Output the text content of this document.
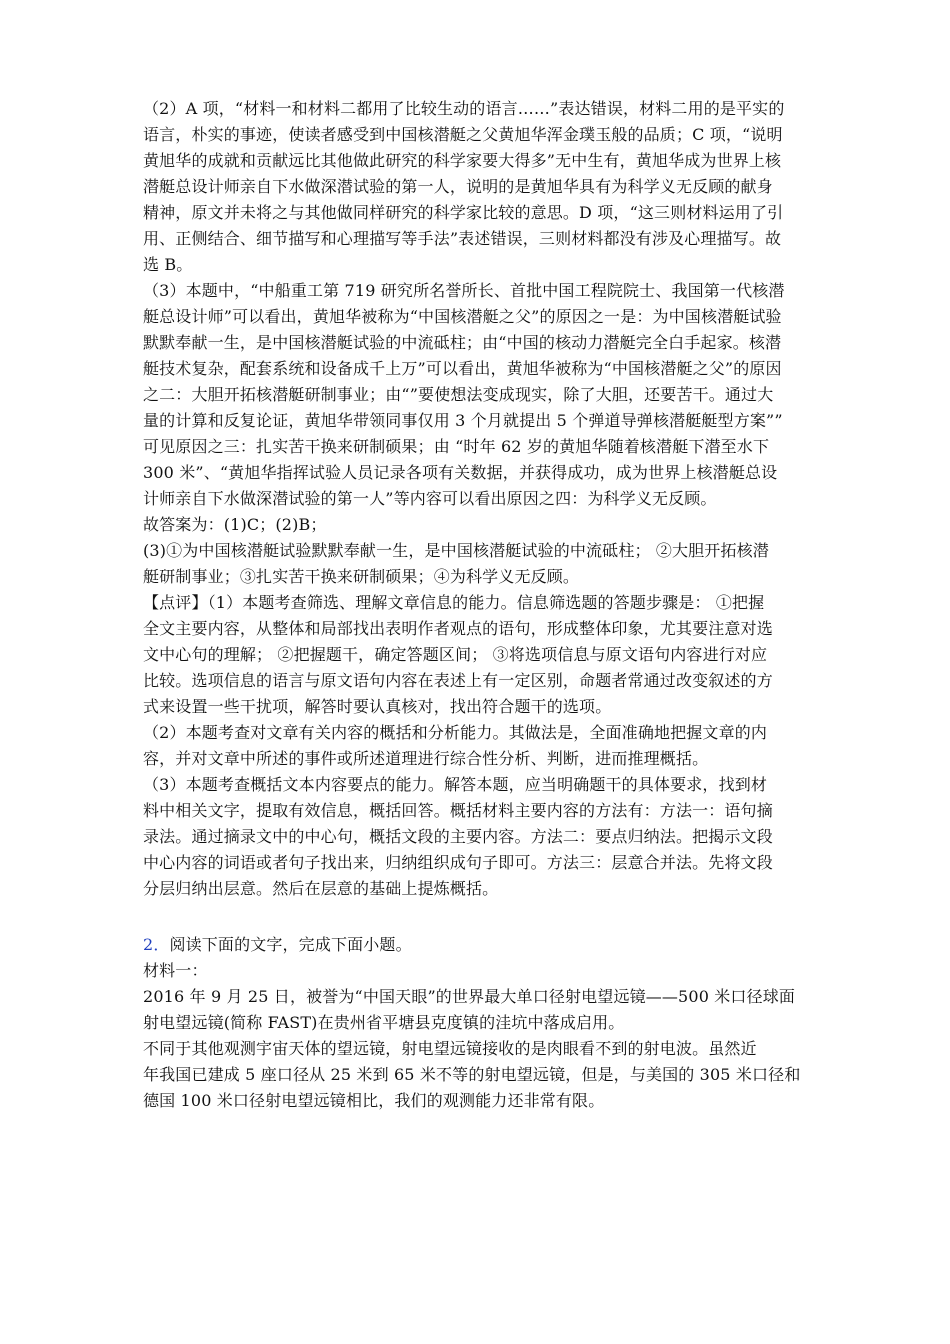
（2）A 项，“材料一和材料二都用了比较生动的语言……”表达错误，材料二用的是平实的
语言，朴实的事迹，使读者感受到中国核潜艇之父黄旭华浑金璞玉般的品质；C 项，“说明
黄旭华的成就和贡献远比其他做此研究的科学家要大得多”无中生有，黄旭华成为世界上核
潜艇总设计师亲自下水做深潜试验的第一人，说明的是黄旭华具有为科学义无反顾的献身
精神，原文并未将之与其他做同样研究的科学家比较的意思。D 项，“这三则材料运用了引
用、正侧结合、细节描写和心理描写等手法”表述错误，三则材料都没有涉及心理描写。故
选 B。
（3）本题中，“中船重工第 719 研究所名誉所长、首批中国工程院院士、我国第一代核潜
艇总设计师”可以看出，黄旭华被称为“中国核潜艇之父”的原因之一是：为中国核潜艇试验
默默奉献一生，是中国核潜艇试验的中流砥柱；由“中国的核动力潜艇完全白手起家。核潜
艇技术复杂，配套系统和设备成千上万”可以看出，黄旭华被称为“中国核潜艇之父”的原因
之二：大胆开拓核潜艇研制事业；由“”要使想法变成现实，除了大胆，还要苦干。通过大
量的计算和反复论证，黄旭华带领同事仅用 3 个月就提出 5 个弹道导弹核潜艇艇型方案””
可见原因之三：扎实苦干换来研制硕果；由 “时年 62 岁的黄旭华随着核潜艇下潜至水下
300 米”、“黄旭华指挥试验人员记录各项有关数据，并获得成功，成为世界上核潜艇总设
计师亲自下水做深潜试验的第一人”等内容可以看出原因之四：为科学义无反顾。
故答案为：(1)C；(2)B；
(3)①为中国核潜艇试验默默奉献一生，是中国核潜艇试验的中流砥柱； ②大胆开拓核潜
艇研制事业；③扎实苦干换来研制硕果；④为科学义无反顾。
【点评】（1）本题考查筛选、理解文章信息的能力。信息筛选题的答题步骤是： ①把握
全文主要内容，从整体和局部找出表明作者观点的语句，形成整体印象，尤其要注意对选
文中心句的理解； ②把握题干，确定答题区间； ③将选项信息与原文语句内容进行对应
比较。选项信息的语言与原文语句内容在表述上有一定区别，命题者常通过改变叙述的方
式来设置一些干扰项，解答时要认真核对，找出符合题干的选项。
（2）本题考查对文章有关内容的概括和分析能力。其做法是，全面准确地把握文章的内
容，并对文章中所述的事件或所述道理进行综合性分析、判断，进而推理概括。
（3）本题考查概括文本内容要点的能力。解答本题，应当明确题干的具体要求，找到材
料中相关文字，提取有效信息，概括回答。概括材料主要内容的方法有：方法一：语句摘
录法。通过摘录文中的中心句，概括文段的主要内容。方法二：要点归纳法。把揭示文段
中心内容的词语或者句子找出来，归纳组织成句子即可。方法三：层意合并法。先将文段
分层归纳出层意。然后在层意的基础上提炼概括。
2．阅读下面的文字，完成下面小题。
材料一：
2016 年 9 月 25 日，被誉为“中国天眼”的世界最大单口径射电望远镜——500 米口径球面
射电望远镜(简称 FAST)在贵州省平塘县克度镇的洼坑中落成启用。
不同于其他观测宇宙天体的望远镜，射电望远镜接收的是肉眼看不到的射电波。虽然近
年我国已建成 5 座口径从 25 米到 65 米不等的射电望远镜，但是，与美国的 305 米口径和
德国 100 米口径射电望远镜相比，我们的观测能力还非常有限。
